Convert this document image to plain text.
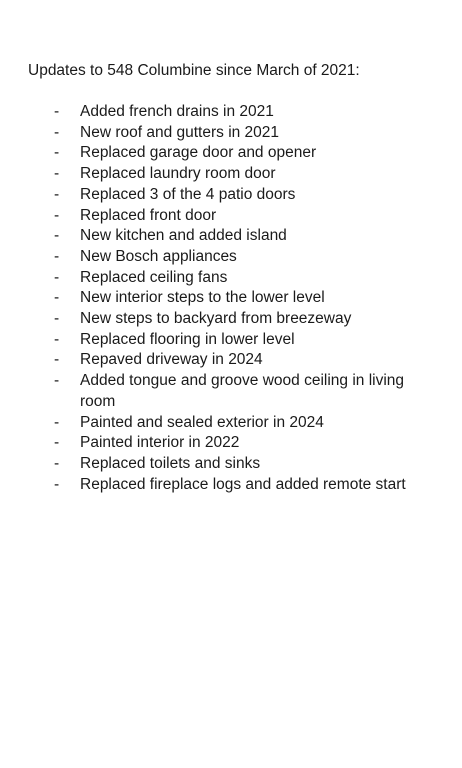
Updates to 548 Columbine since March of 2021:
- Added french drains in 2021
- New roof and gutters in 2021
- Replaced garage door and opener
- Replaced laundry room door
- Replaced 3 of the 4 patio doors
- Replaced front door
- New kitchen and added island
- New Bosch appliances
- Replaced ceiling fans
- New interior steps to the lower level
- New steps to backyard from breezeway
- Replaced flooring in lower level
- Repaved driveway in 2024
- Added tongue and groove wood ceiling in living room
- Painted and sealed exterior in 2024
- Painted interior in 2022
- Replaced toilets and sinks
- Replaced fireplace logs and added remote start
